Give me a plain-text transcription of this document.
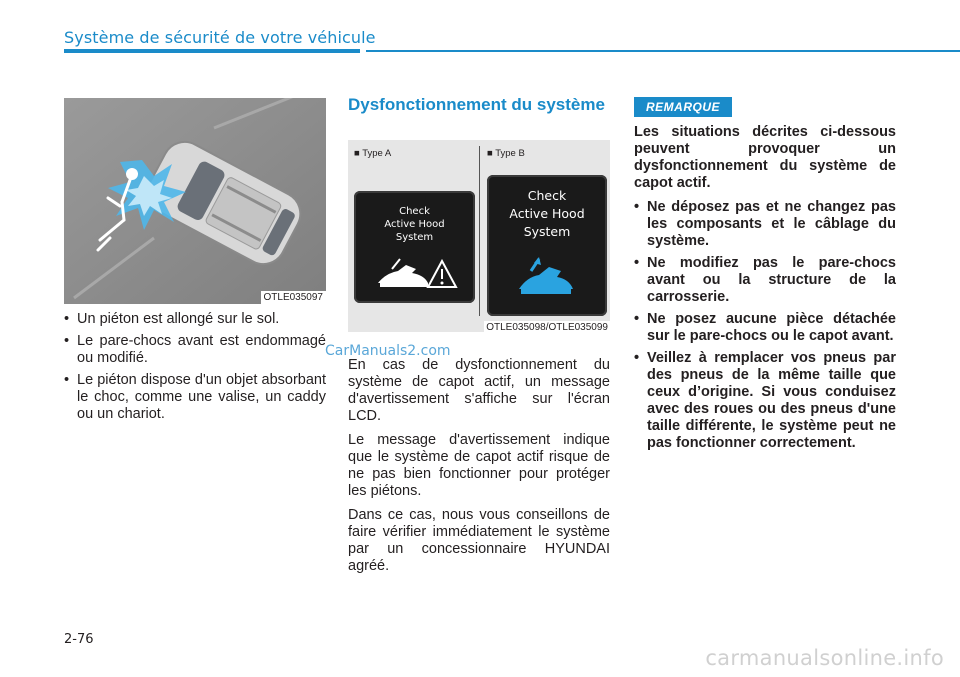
Système de sécurité de votre véhicule
OTLE035097
• Un piéton est allongé sur le sol.
• Le pare-chocs avant est endommagé ou modifié.
• Le piéton dispose d'un objet absorbant le choc, comme une valise, un caddy ou un chariot.
CarManuals2.com
Dysfonctionnement du système
■ Type A	■ Type B
Check
Active Hood
System
Check
Active Hood
System
OTLE035098/OTLE035099

En cas de dysfonctionnement du système de capot actif, un message d'avertissement s'affiche sur l'écran LCD.

Le message d'avertissement indique que le système de capot actif risque de ne pas bien fonctionner pour protéger les piétons.

Dans ce cas, nous vous conseillons de faire vérifier immédiatement le système par un concessionnaire HYUNDAI agréé.

REMARQUE

Les situations décrites ci-dessous peuvent provoquer un dysfonctionnement du système de capot actif.

• Ne déposez pas et ne changez pas les composants et le câblage du système.
• Ne modifiez pas le pare-chocs avant ou la structure de la carrosserie.
• Ne posez aucune pièce détachée sur le pare-chocs ou le capot avant.
• Veillez à remplacer vos pneus par des pneus de la même taille que ceux d’origine. Si vous conduisez avec des roues ou des pneus d'une taille différente, le système peut ne pas fonctionner correctement.
2-76
carmanualsonline.info
